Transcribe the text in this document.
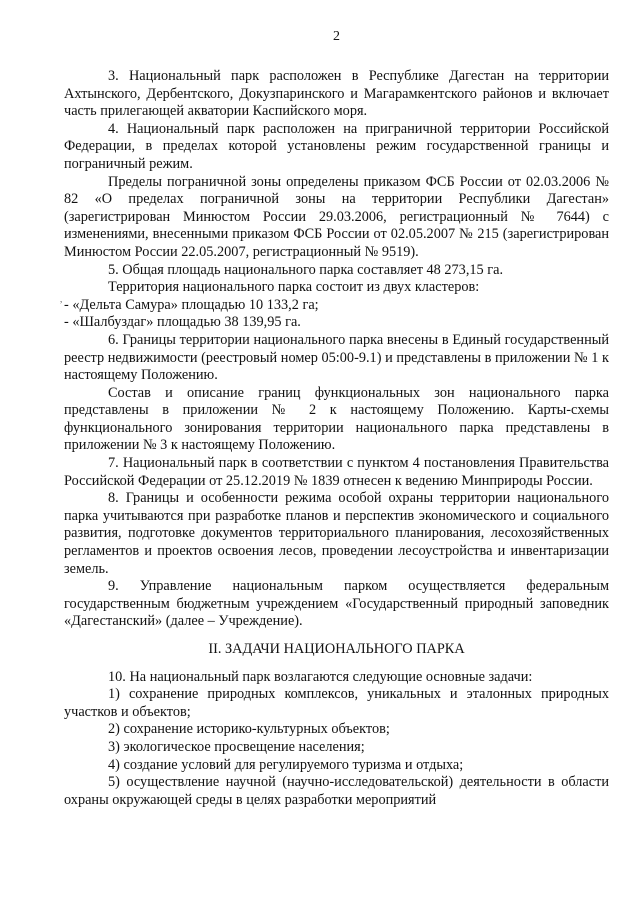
2

3. Национальный парк расположен в Республике Дагестан на территории Ахтынского, Дербентского, Докузпаринского и Магарамкентского районов и включает часть прилегающей акватории Каспийского моря.

4. Национальный парк расположен на приграничной территории Российской Федерации, в пределах которой установлены режим государственной границы и пограничный режим.

Пределы пограничной зоны определены приказом ФСБ России от 02.03.2006 № 82 «О пределах пограничной зоны на территории Республики Дагестан» (зарегистрирован Минюстом России 29.03.2006, регистрационный № 7644) с изменениями, внесенными приказом ФСБ России от 02.05.2007 № 215 (зарегистрирован Минюстом России 22.05.2007, регистрационный № 9519).

5. Общая площадь национального парка составляет 48 273,15 га.

Территория национального парка состоит из двух кластеров:

- «Дельта Самура» площадью 10 133,2 га;

- «Шалбуздаг» площадью 38 139,95 га.

6. Границы территории национального парка внесены в Единый государственный реестр недвижимости (реестровый номер 05:00-9.1) и представлены в приложении № 1 к настоящему Положению.

Состав и описание границ функциональных зон национального парка представлены в приложении № 2 к настоящему Положению. Карты-схемы функционального зонирования территории национального парка представлены в приложении № 3 к настоящему Положению.

7. Национальный парк в соответствии с пунктом 4 постановления Правительства Российской Федерации от 25.12.2019 № 1839 отнесен к ведению Минприроды России.

8. Границы и особенности режима особой охраны территории национального парка учитываются при разработке планов и перспектив экономического и социального развития, подготовке документов территориального планирования, лесохозяйственных регламентов и проектов освоения лесов, проведении лесоустройства и инвентаризации земель.

9. Управление национальным парком осуществляется федеральным государственным бюджетным учреждением «Государственный природный заповедник «Дагестанский» (далее – Учреждение).

II. ЗАДАЧИ НАЦИОНАЛЬНОГО ПАРКА

10. На национальный парк возлагаются следующие основные задачи:

1) сохранение природных комплексов, уникальных и эталонных природных участков и объектов;

2) сохранение историко-культурных объектов;

3) экологическое просвещение населения;

4) создание условий для регулируемого туризма и отдыха;

5) осуществление научной (научно-исследовательской) деятельности в области охраны окружающей среды в целях разработки мероприятий

,
